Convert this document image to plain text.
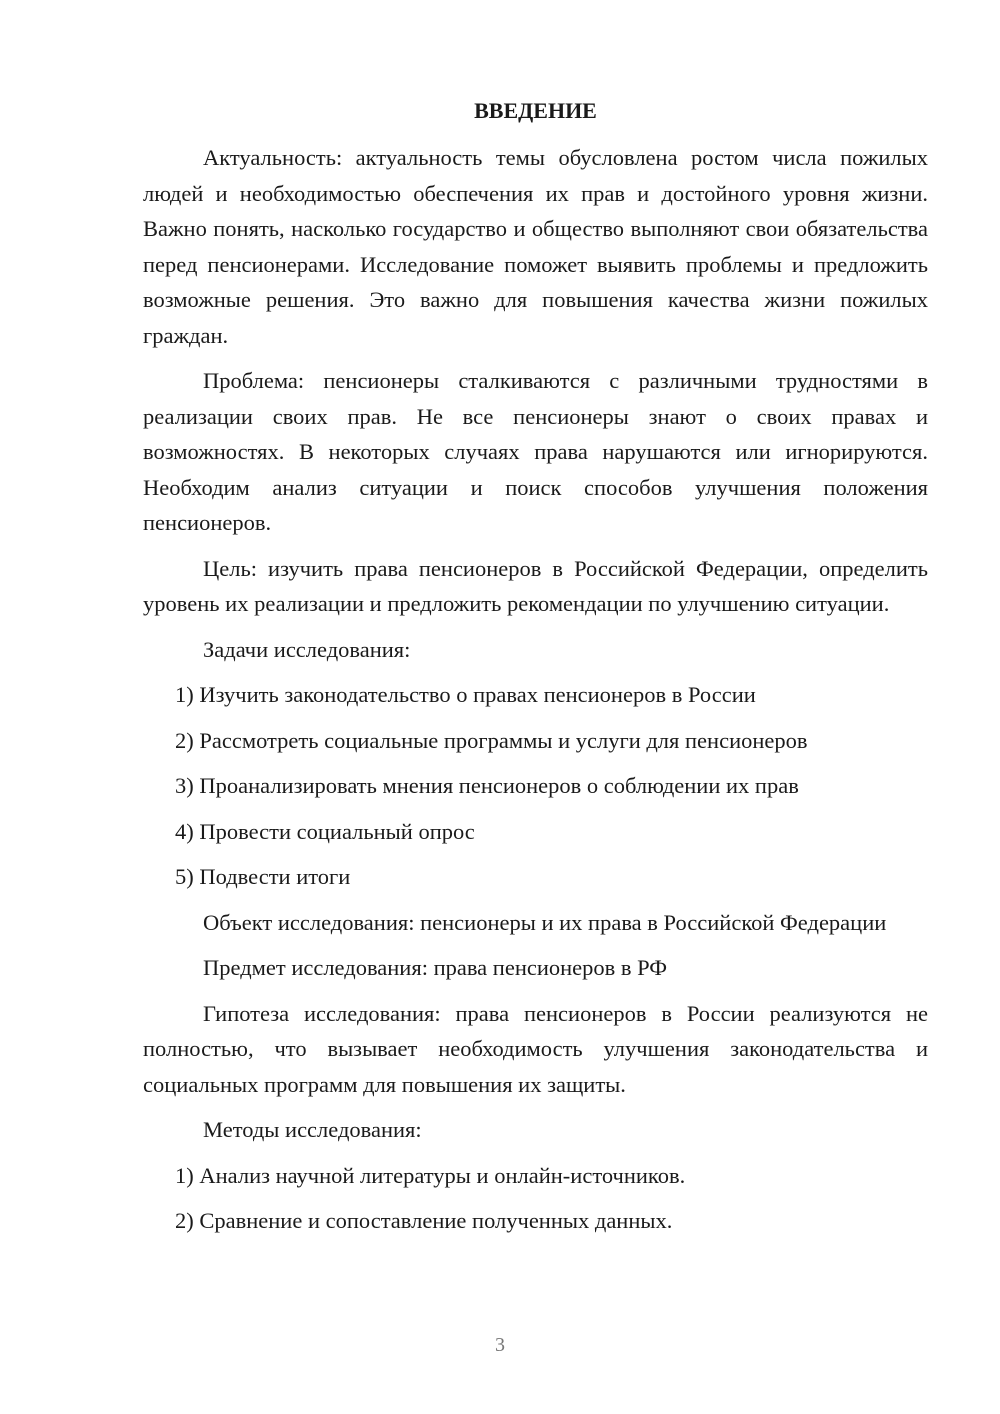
ВВЕДЕНИЕ

Актуальность: актуальность темы обусловлена ростом числа пожилых людей и необходимостью обеспечения их прав и достойного уровня жизни. Важно понять, насколько государство и общество выполняют свои обязательства перед пенсионерами. Исследование поможет выявить проблемы и предложить возможные решения. Это важно для повышения качества жизни пожилых граждан.

Проблема: пенсионеры сталкиваются с различными трудностями в реализации своих прав. Не все пенсионеры знают о своих правах и возможностях. В некоторых случаях права нарушаются или игнорируются. Необходим анализ ситуации и поиск способов улучшения положения пенсионеров.

Цель: изучить права пенсионеров в Российской Федерации, определить уровень их реализации и предложить рекомендации по улучшению ситуации.

Задачи исследования:

1) Изучить законодательство о правах пенсионеров в России
2) Рассмотреть социальные программы и услуги для пенсионеров
3) Проанализировать мнения пенсионеров о соблюдении их прав
4) Провести социальный опрос
5) Подвести итоги

Объект исследования: пенсионеры и их права в Российской Федерации

Предмет исследования: права пенсионеров в РФ

Гипотеза исследования: права пенсионеров в России реализуются не полностью, что вызывает необходимость улучшения законодательства и социальных программ для повышения их защиты.

Методы исследования:

1) Анализ научной литературы и онлайн-источников.
2) Сравнение и сопоставление полученных данных.
3
